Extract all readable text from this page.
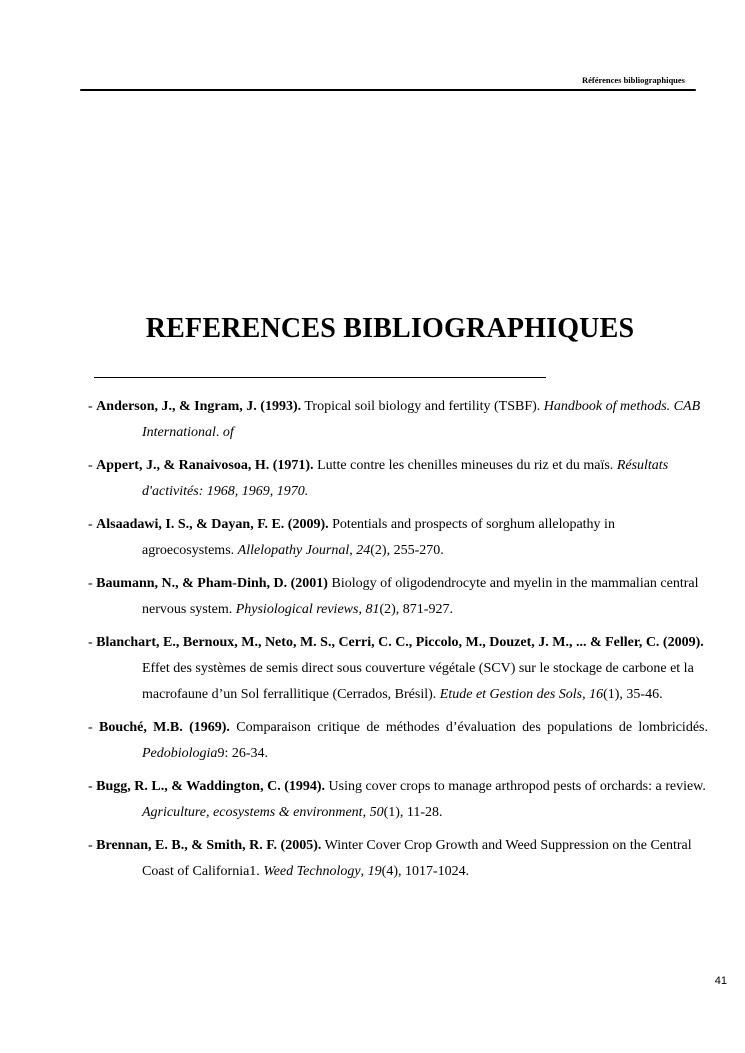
Références bibliographiques
REFERENCES BIBLIOGRAPHIQUES

- Anderson, J., & Ingram, J. (1993). Tropical soil biology and fertility (TSBF). Handbook of methods. CAB International. of

- Appert, J., & Ranaivosoa, H. (1971). Lutte contre les chenilles mineuses du riz et du maïs. Résultats d'activités: 1968, 1969, 1970.

- Alsaadawi, I. S., & Dayan, F. E. (2009). Potentials and prospects of sorghum allelopathy in agroecosystems. Allelopathy Journal, 24(2), 255-270.

- Baumann, N., & Pham-Dinh, D. (2001) Biology of oligodendrocyte and myelin in the mammalian central nervous system. Physiological reviews, 81(2), 871-927.

- Blanchart, E., Bernoux, M., Neto, M. S., Cerri, C. C., Piccolo, M., Douzet, J. M., ... & Feller, C. (2009). Effet des systèmes de semis direct sous couverture végétale (SCV) sur le stockage de carbone et la macrofaune d’un Sol ferrallitique (Cerrados, Brésil). Etude et Gestion des Sols, 16(1), 35-46.

- Bouché, M.B. (1969). Comparaison critique de méthodes d’évaluation des populations de lombricidés. Pedobiologia9: 26-34.

- Bugg, R. L., & Waddington, C. (1994). Using cover crops to manage arthropod pests of orchards: a review. Agriculture, ecosystems & environment, 50(1), 11-28.

- Brennan, E. B., & Smith, R. F. (2005). Winter Cover Crop Growth and Weed Suppression on the Central Coast of California1. Weed Technology, 19(4), 1017-1024.

41
